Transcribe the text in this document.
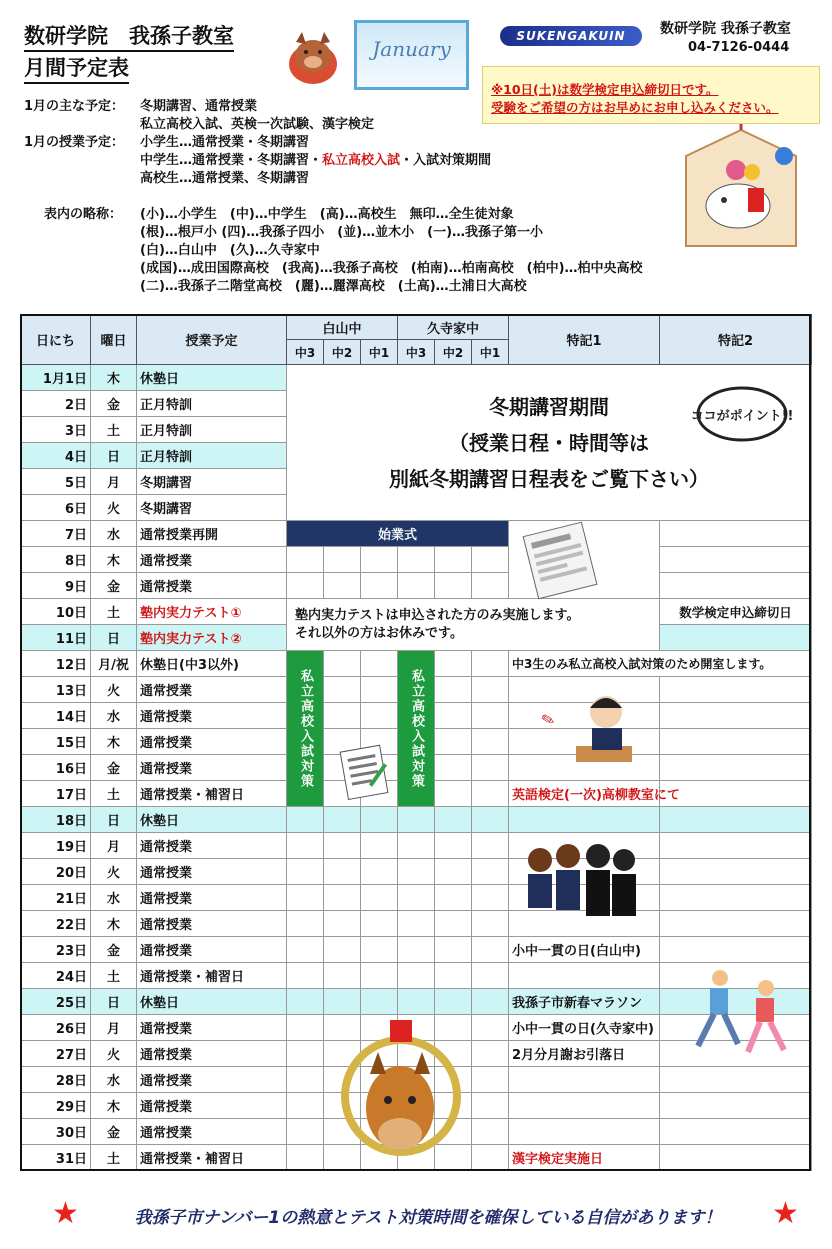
数研学院　我孫子教室
月間予定表
January
SUKENGAKUIN	数研学院 我孫子教室
04-7126-0444
※10日(土)は数学検定申込締切日です。
受験をご希望の方はお早めにお申し込みください。
1月の主な予定： 冬期講習、通常授業
私立高校入試、英検一次試験、漢字検定
1月の授業予定： 小学生…通常授業・冬期講習
中学生…通常授業・冬期講習・私立高校入試・入試対策期間
高校生…通常授業、冬期講習
表内の略称： (小)…小学生　(中)…中学生　(高)…高校生　無印…全生徒対象
(根)…根戸小 (四)…我孫子四小　(並)…並木小　(一)…我孫子第一小
(白)…白山中　(久)…久寺家中
(成国)…成田国際高校　(我高)…我孫子高校　(柏南)…柏南高校　(柏中)…柏中央高校
(二)…我孫子二階堂高校　(麗)…麗澤高校　(土高)…土浦日大高校
日にち	曜日	授業予定	白山中			久寺家中			特記1	特記2
			中3	中2	中1	中3	中2	中1		
1月1日	木	休塾日	冬期講習期間
（授業日程・時間等は
別紙冬期講習日程表をご覧下さい）							

2日	金	正月特訓								
3日	土	正月特訓								
4日	日	正月特訓								
5日	月	冬期講習								
6日	火	冬期講習								
7日	水	通常授業再開	始業式							
8日	木	通常授業								
9日	金	通常授業								
10日	土	塾内実力テスト①	塾内実力テストは申込された方のみ実施します。
それ以外の方はお休みです。							数学検定申込締切日
11日	日	塾内実力テスト②								
12日	月/祝	休塾日(中3以外)	私立高校入試対策			私立高校入試対策			中3生のみ私立高校入試対策のため開室します。	
13日	火	通常授業								
14日	水	通常授業								
15日	木	通常授業								
16日	金	通常授業								
17日	土	通常授業・補習日							英語検定(一次)高柳教室にて	
18日	日	休塾日								
19日	月	通常授業								
20日	火	通常授業								
21日	水	通常授業								
22日	木	通常授業								
23日	金	通常授業							小中一貫の日(白山中)	
24日	土	通常授業・補習日								
25日	日	休塾日							我孫子市新春マラソン	
26日	月	通常授業							小中一貫の日(久寺家中)	
27日	火	通常授業							2月分月謝お引落日	
28日	水	通常授業								
29日	木	通常授業								
30日	金	通常授業								
31日	土	通常授業・補習日							漢字検定実施日	
★	我孫子市ナンバー1の熱意とテスト対策時間を確保している自信があります！	★
ココがポイント!!
✎
